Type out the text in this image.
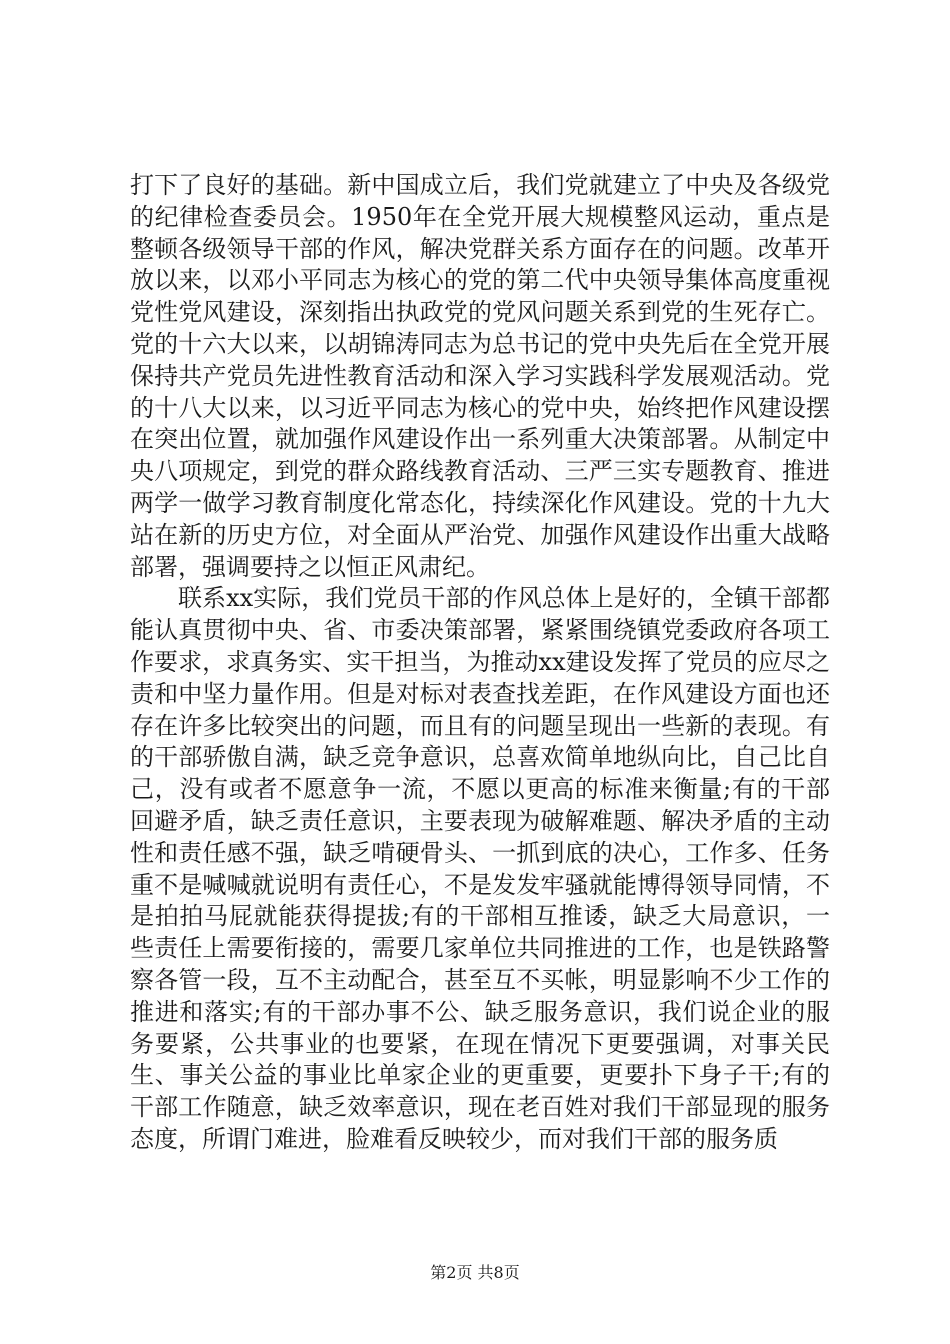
打下了良好的基础。新中国成立后，我们党就建立了中央及各级党的纪律检查委员会。1950年在全党开展大规模整风运动，重点是整顿各级领导干部的作风，解决党群关系方面存在的问题。改革开放以来，以邓小平同志为核心的党的第二代中央领导集体高度重视党性党风建设，深刻指出执政党的党风问题关系到党的生死存亡。党的十六大以来，以胡锦涛同志为总书记的党中央先后在全党开展保持共产党员先进性教育活动和深入学习实践科学发展观活动。党的十八大以来，以习近平同志为核心的党中央，始终把作风建设摆在突出位置，就加强作风建设作出一系列重大决策部署。从制定中央八项规定，到党的群众路线教育活动、三严三实专题教育、推进两学一做学习教育制度化常态化，持续深化作风建设。党的十九大站在新的历史方位，对全面从严治党、加强作风建设作出重大战略部署，强调要持之以恒正风肃纪。

联系xx实际，我们党员干部的作风总体上是好的，全镇干部都能认真贯彻中央、省、市委决策部署，紧紧围绕镇党委政府各项工作要求，求真务实、实干担当，为推动xx建设发挥了党员的应尽之责和中坚力量作用。但是对标对表查找差距，在作风建设方面也还存在许多比较突出的问题，而且有的问题呈现出一些新的表现。有的干部骄傲自满，缺乏竞争意识，总喜欢简单地纵向比，自己比自己，没有或者不愿意争一流，不愿以更高的标准来衡量;有的干部回避矛盾，缺乏责任意识，主要表现为破解难题、解决矛盾的主动性和责任感不强，缺乏啃硬骨头、一抓到底的决心，工作多、任务重不是喊喊就说明有责任心，不是发发牢骚就能博得领导同情，不是拍拍马屁就能获得提拔;有的干部相互推诿，缺乏大局意识，一些责任上需要衔接的，需要几家单位共同推进的工作，也是铁路警察各管一段，互不主动配合，甚至互不买帐，明显影响不少工作的推进和落实;有的干部办事不公、缺乏服务意识，我们说企业的服务要紧，公共事业的也要紧，在现在情况下更要强调，对事关民生、事关公益的事业比单家企业的更重要，更要扑下身子干;有的干部工作随意，缺乏效率意识，现在老百姓对我们干部显现的服务态度，所谓门难进，脸难看反映较少，而对我们干部的服务质

第2页 共8页
